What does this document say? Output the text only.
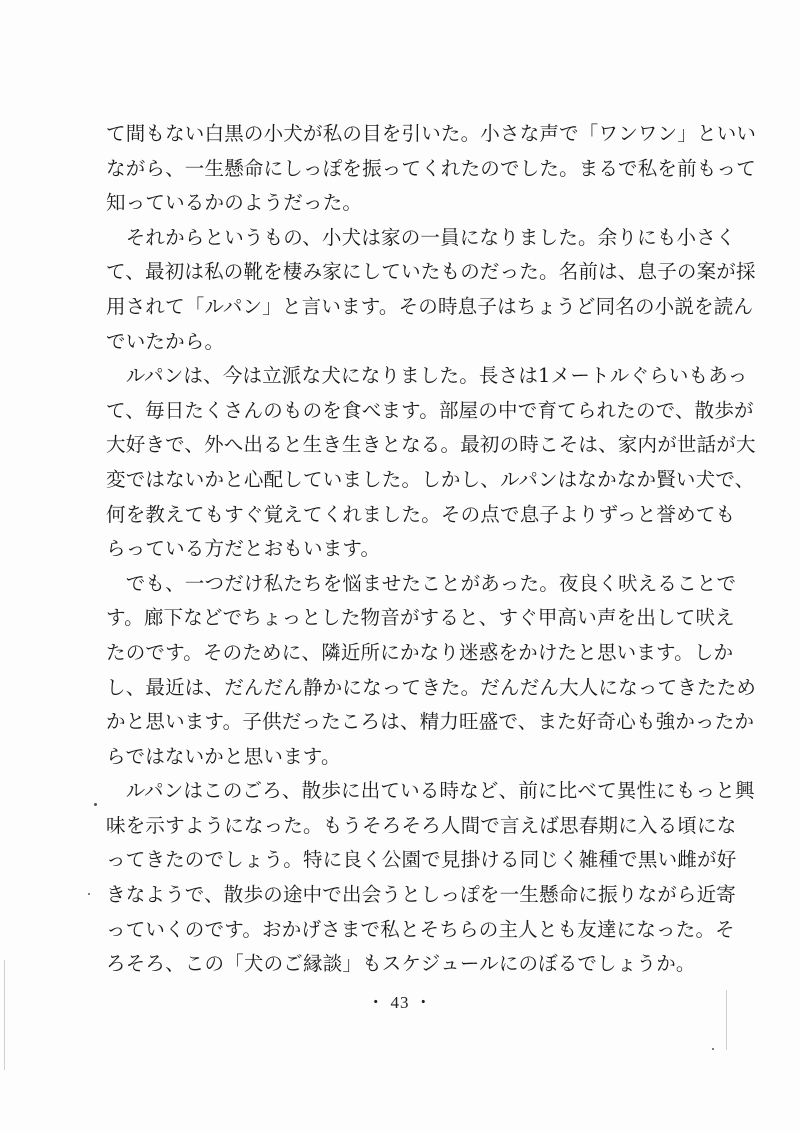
て間もない白黒の小犬が私の目を引いた。小さな声で「ワンワン」といい
ながら、一生懸命にしっぽを振ってくれたのでした。まるで私を前もって
知っているかのようだった。
　それからというもの、小犬は家の一員になりました。余りにも小さく
て、最初は私の靴を棲み家にしていたものだった。名前は、息子の案が採
用されて「ルパン」と言います。その時息子はちょうど同名の小説を読ん
でいたから。
　ルパンは、今は立派な犬になりました。長さは1メートルぐらいもあっ
て、毎日たくさんのものを食べます。部屋の中で育てられたので、散歩が
大好きで、外へ出ると生き生きとなる。最初の時こそは、家内が世話が大
変ではないかと心配していました。しかし、ルパンはなかなか賢い犬で、
何を教えてもすぐ覚えてくれました。その点で息子よりずっと誉めても
らっている方だとおもいます。
　でも、一つだけ私たちを悩ませたことがあった。夜良く吠えることで
す。廊下などでちょっとした物音がすると、すぐ甲高い声を出して吠え
たのです。そのために、隣近所にかなり迷惑をかけたと思います。しか
し、最近は、だんだん静かになってきた。だんだん大人になってきたため
かと思います。子供だったころは、精力旺盛で、また好奇心も強かったか
らではないかと思います。
　ルパンはこのごろ、散歩に出ている時など、前に比べて異性にもっと興
味を示すようになった。もうそろそろ人間で言えば思春期に入る頃にな
ってきたのでしょう。特に良く公園で見掛ける同じく雑種で黒い雌が好
きなようで、散歩の途中で出会うとしっぽを一生懸命に振りながら近寄
っていくのです。おかげさまで私とそちらの主人とも友達になった。そ
ろそろ、この「犬のご縁談」もスケジュールにのぼるでしょうか。
・ 43 ・
